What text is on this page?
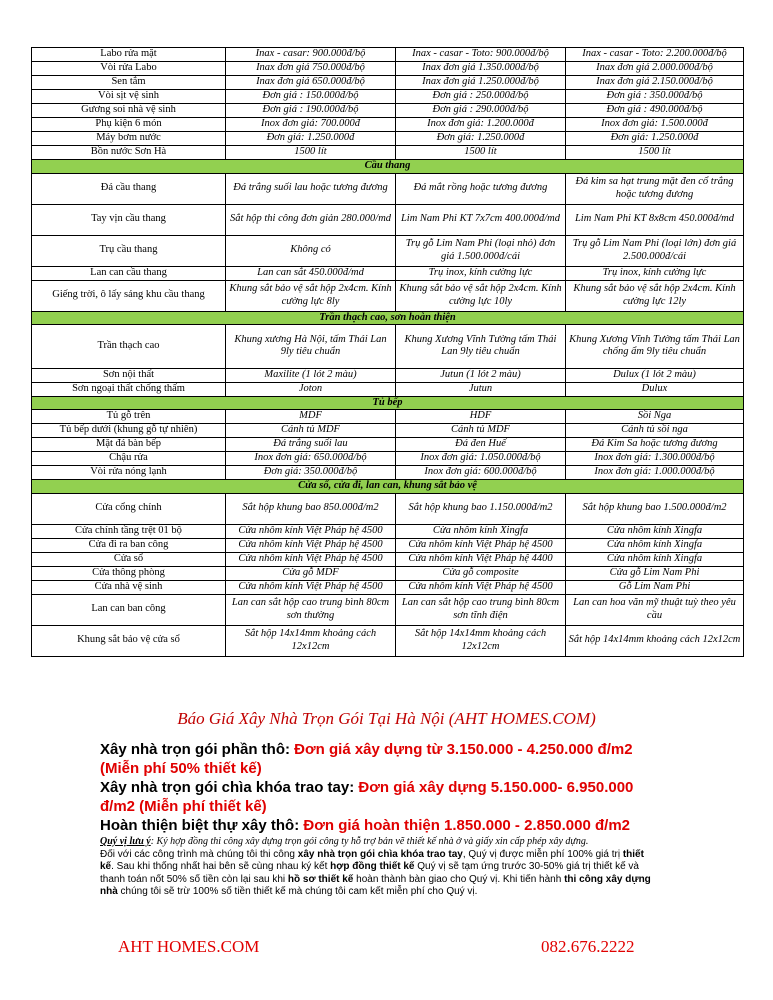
Labo rửa mặt	Inax - casar: 900.000đ/bộ	Inax - casar - Toto: 900.000đ/bộ	Inax - casar - Toto: 2.200.000đ/bộ
Vòi rửa Labo	Inax đơn giá 750.000đ/bộ	Inax đơn giá 1.350.000đ/bộ	Inax đơn giá 2.000.000đ/bộ
Sen tắm	Inax đơn giá 650.000đ/bộ	Inax đơn giá 1.250.000đ/bộ	Inax đơn giá 2.150.000đ/bộ
Vòi sịt vệ sinh	Đơn giá : 150.000đ/bộ	Đơn giá : 250.000đ/bộ	Đơn giá : 350.000đ/bộ
Gương soi nhà vệ sinh	Đơn giá : 190.000đ/bộ	Đơn giá : 290.000đ/bộ	Đơn giá : 490.000đ/bộ
Phụ kiện 6 món	Inox đơn giá: 700.000đ	Inox đơn giá: 1.200.000đ	Inox đơn giá: 1.500.000đ
Máy bơm nước	Đơn giá: 1.250.000đ	Đơn giá: 1.250.000đ	Đơn giá: 1.250.000đ
Bồn nước Sơn Hà	1500 lít	1500 lít	1500 lít
Cầu thang			
Đá cầu thang	Đá trắng suối lau hoặc tương đương	Đá mắt rồng hoặc tương đương	Đá kim sa hạt trung mặt đen cổ trắng hoặc tương đương
Tay vịn cầu thang	Sắt hộp thi công đơn giản 280.000/md	Lim Nam Phi KT 7x7cm 400.000đ/md	Lim Nam Phi KT 8x8cm 450.000đ/md
Trụ cầu thang	Không có	Trụ gỗ Lim Nam Phi (loại nhỏ) đơn giá 1.500.000đ/cái	Trụ gỗ Lim Nam Phi (loại lớn) đơn giá 2.500.000đ/cái
Lan can cầu thang	Lan can sắt 450.000đ/md	Trụ inox, kính cường lực	Trụ inox, kính cường lực
Giếng trời, ô lấy sáng khu cầu thang	Khung sắt bảo vệ sắt hộp 2x4cm. Kính cường lực 8ly	Khung sắt bảo vệ sắt hộp 2x4cm. Kính cường lực 10ly	Khung sắt bảo vệ sắt hộp 2x4cm. Kính cường lực 12ly
Trần thạch cao, sơn hoàn thiện			
Trần thạch cao	Khung xương Hà Nội, tấm Thái Lan 9ly tiêu chuẩn	Khung Xương Vĩnh Tường tấm Thái Lan 9ly tiêu chuẩn	Khung Xương Vĩnh Tường tấm Thái Lan chống ẩm 9ly tiêu chuẩn
Sơn nội thất	Maxilite (1 lót 2 màu)	Jutun (1 lót 2 màu)	Dulux (1 lót 2 màu)
Sơn ngoại thất chống thấm	Joton	Jutun	Dulux
Tủ bếp			
Tủ gỗ trên	MDF	HDF	Sồi Nga
Tủ bếp dưới (khung gỗ tự nhiên)	Cánh tủ MDF	Cánh tủ MDF	Cánh tủ sồi nga
Mặt đá bàn bếp	Đá trắng suối lau	Đá đen Huế	Đá Kim Sa hoặc tương đương
Chậu rửa	Inox đơn giá: 650.000đ/bộ	Inox đơn giá: 1.050.000đ/bộ	Inox đơn giá: 1.300.000đ/bộ
Vòi rửa nóng lạnh	Đơn giá: 350.000đ/bộ	Inox đơn giá: 600.000đ/bộ	Inox đơn giá: 1.000.000đ/bộ
Cửa sổ, cửa đi, lan can, khung sắt bảo vệ			
Cửa cổng chính	Sắt hộp khung bao 850.000đ/m2	Sắt hộp khung bao 1.150.000đ/m2	Sắt hộp khung bao 1.500.000đ/m2
Cửa chính tầng trệt 01 bộ	Cửa nhôm kính Việt Pháp hệ 4500	Cửa nhôm kính Xingfa	Cửa nhôm kính Xingfa
Cửa đi ra ban công	Cửa nhôm kính Việt Pháp hệ 4500	Cửa nhôm kính Việt Pháp hệ 4500	Cửa nhôm kính Xingfa
Cửa sổ	Cửa nhôm kính Việt Pháp hệ 4500	Cửa nhôm kính Việt Pháp hệ 4400	Cửa nhôm kính Xingfa
Cửa thông phòng	Cửa gỗ MDF	Cửa gỗ composite	Cửa gỗ Lim Nam Phi
Cửa nhà vệ sinh	Cửa nhôm kính Việt Pháp hệ 4500	Cửa nhôm kính Việt Pháp hệ 4500	Gỗ Lim Nam Phi
Lan can ban công	Lan can sắt hộp cao trung bình 80cm sơn thường	Lan can sắt hộp cao trung bình 80cm sơn tĩnh điện	Lan can hoa văn mỹ thuật tuỳ theo yêu cầu
Khung sắt bảo vệ cửa sổ	Sắt hộp 14x14mm khoảng cách 12x12cm	Sắt hộp 14x14mm khoảng cách 12x12cm	Sắt hộp 14x14mm khoảng cách 12x12cm
Báo Giá Xây Nhà Trọn Gói Tại Hà Nội (AHT HOMES.COM)

Xây nhà trọn gói phần thô: Đơn giá xây dựng từ 3.150.000 - 4.250.000 đ/m2 (Miễn phí 50% thiết kế)

Xây nhà trọn gói chìa khóa trao tay: Đơn giá xây dựng 5.150.000- 6.950.000 đ/m2 (Miễn phí thiết kế)

Hoàn thiện biệt thự xây thô: Đơn giá hoàn thiện 1.850.000 - 2.850.000 đ/m2

Quý vị lưu ý: Ký hợp đồng thi công xây dựng trọn gói công ty hỗ trợ bản vẽ thiết kế nhà ở và giấy xin cấp phép xây dựng.
Đối với các công trình mà chúng tôi thi công xây nhà trọn gói chìa khóa trao tay, Quý vị được miễn phí 100% giá trị thiết kế. Sau khi thống nhất hai bên sẽ cùng nhau ký kết hợp đồng thiết kế Quý vị sẽ tạm ứng trước 30-50% giá trị thiết kế và thanh toán nốt 50% số tiền còn lại sau khi hồ sơ thiết kế hoàn thành bàn giao cho Quý vị. Khi tiến hành thi công xây dựng nhà chúng tôi sẽ trừ 100% số tiền thiết kế mà chúng tôi cam kết miễn phí cho Quý vị.
AHT HOMES.COM	082.676.2222
